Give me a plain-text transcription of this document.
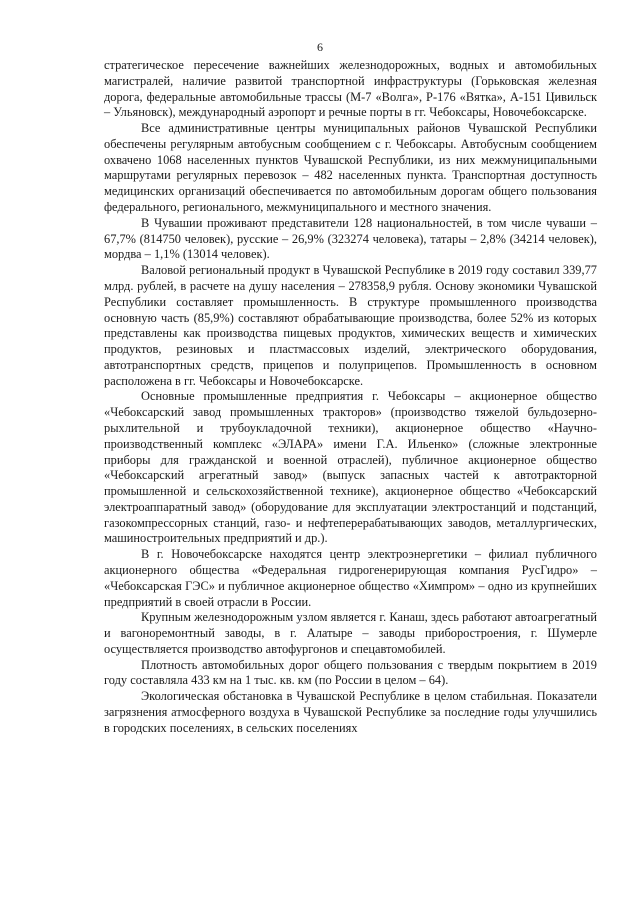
6

стратегическое пересечение важнейших железнодорожных, водных и автомобильных магистралей, наличие развитой транспортной инфраструктуры (Горьковская железная дорога, федеральные автомобильные трассы (М-7 «Волга», Р-176 «Вятка», А-151 Цивильск – Ульяновск), международный аэропорт и речные порты в гг. Чебоксары, Новочебоксарске.

Все административные центры муниципальных районов Чувашской Республики обеспечены регулярным автобусным сообщением с г. Чебоксары. Автобусным сообщением охвачено 1068 населенных пунктов Чувашской Республики, из них межмуниципальными маршрутами регулярных перевозок – 482 населенных пункта. Транспортная доступность медицинских организаций обеспечивается по автомобильным дорогам общего пользования федерального, регионального, межмуниципального и местного значения.

В Чувашии проживают представители 128 национальностей, в том числе чуваши – 67,7% (814750 человек), русские – 26,9% (323274 человека), татары – 2,8% (34214 человек), мордва – 1,1% (13014 человек).

Валовой региональный продукт в Чувашской Республике в 2019 году составил 339,77 млрд. рублей, в расчете на душу населения – 278358,9 рубля. Основу экономики Чувашской Республики составляет промышленность. В структуре промышленного производства основную часть (85,9%) составляют обрабатывающие производства, более 52% из которых представлены как производства пищевых продуктов, химических веществ и химических продуктов, резиновых и пластмассовых изделий, электрического оборудования, автотранспортных средств, прицепов и полуприцепов. Промышленность в основном расположена в гг. Чебоксары и Новочебоксарске.

Основные промышленные предприятия г. Чебоксары – акционерное общество «Чебоксарский завод промышленных тракторов» (производство тяжелой бульдозерно-рыхлительной и трубоукладочной техники), акционерное общество «Научно-производственный комплекс «ЭЛАРА» имени Г.А. Ильенко» (сложные электронные приборы для гражданской и военной отраслей), публичное акционерное общество «Чебоксарский агрегатный завод» (выпуск запасных частей к автотракторной промышленной и сельскохозяйственной технике), акционерное общество «Чебоксарский электроаппаратный завод» (оборудование для эксплуатации электростанций и подстанций, газокомпрессорных станций, газо- и нефтеперерабатывающих заводов, металлургических, машиностроительных предприятий и др.).

В г. Новочебоксарске находятся центр электроэнергетики – филиал публичного акционерного общества «Федеральная гидрогенерирующая компания РусГидро» – «Чебоксарская ГЭС» и публичное акционерное общество «Химпром» – одно из крупнейших предприятий в своей отрасли в России.

Крупным железнодорожным узлом является г. Канаш, здесь работают автоагрегатный и вагоноремонтный заводы, в г. Алатыре – заводы приборостроения, г. Шумерле осуществляется производство автофургонов и спецавтомобилей.

Плотность автомобильных дорог общего пользования с твердым покрытием в 2019 году составляла 433 км на 1 тыс. кв. км (по России в целом – 64).

Экологическая обстановка в Чувашской Республике в целом стабильная. Показатели загрязнения атмосферного воздуха в Чувашской Республике за последние годы улучшились в городских поселениях, в сельских поселениях
